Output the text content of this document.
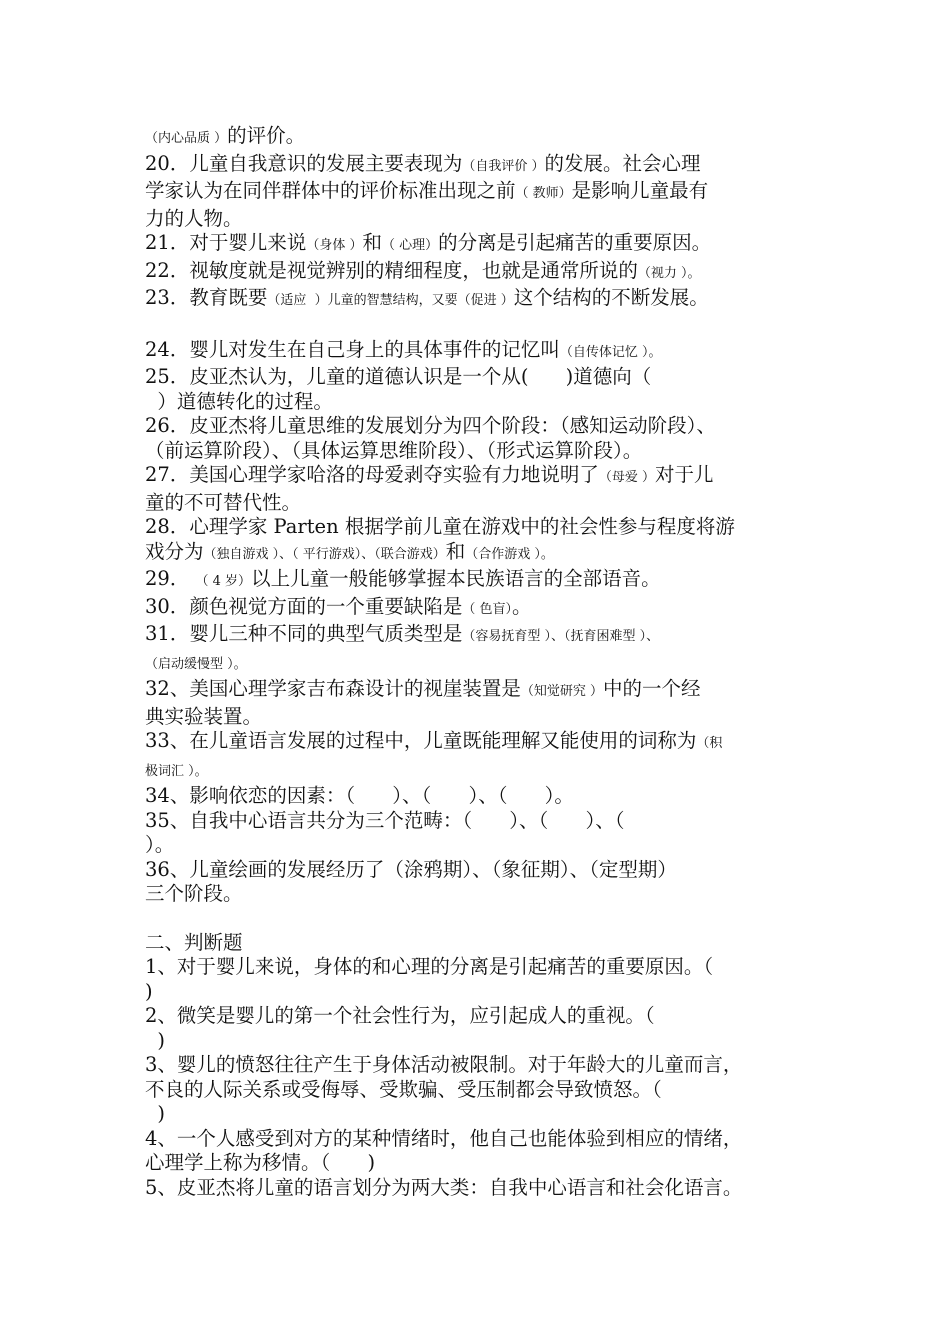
（内心品质 ）的评价。
20．儿童自我意识的发展主要表现为（自我评价 ）的发展。社会心理
学家认为在同伴群体中的评价标准出现之前（ 教师）是影响儿童最有
力的人物。
21．对于婴儿来说（身体 ）和（ 心理）的分离是引起痛苦的重要原因。
22．视敏度就是视觉辨别的精细程度，也就是通常所说的（视力 ）。
23．教育既要（适应  ）儿童的智慧结构，又要（促进 ）这个结构的不断发展。
24．婴儿对发生在自己身上的具体事件的记忆叫（自传体记忆 ）。
25．皮亚杰认为，儿童的道德认识是一个从(      )道德向（
）道德转化的过程。
26．皮亚杰将儿童思维的发展划分为四个阶段：（感知运动阶段）、
（前运算阶段）、（具体运算思维阶段）、（形式运算阶段）。
27．美国心理学家哈洛的母爱剥夺实验有力地说明了（母爱 ）对于儿
童的不可替代性。
28．心理学家 Parten 根据学前儿童在游戏中的社会性参与程度将游
戏分为（独自游戏 ）、（ 平行游戏）、（联合游戏）和（合作游戏 ）。
29． （ 4 岁）以上儿童一般能够掌握本民族语言的全部语音。
30．颜色视觉方面的一个重要缺陷是（ 色盲）。
31．婴儿三种不同的典型气质类型是（容易抚育型 ）、（抚育困难型 ）、
（启动缓慢型 ）。
32、美国心理学家吉布森设计的视崖装置是（知觉研究 ）中的一个经
典实验装置。
33、在儿童语言发展的过程中，儿童既能理解又能使用的词称为（积
极词汇 ）。
34、影响依恋的因素：（      ）、（      ）、（      ）。
35、自我中心语言共分为三个范畴：（      ）、（      ）、（
）。
36、儿童绘画的发展经历了（涂鸦期）、（象征期）、（定型期）
三个阶段。
二、判断题
1、对于婴儿来说，身体的和心理的分离是引起痛苦的重要原因。（
)
2、微笑是婴儿的第一个社会性行为，应引起成人的重视。（
)
3、婴儿的愤怒往往产生于身体活动被限制。对于年龄大的儿童而言，
不良的人际关系或受侮辱、受欺骗、受压制都会导致愤怒。（
)
4、一个人感受到对方的某种情绪时，他自己也能体验到相应的情绪，
心理学上称为移情。（      )
5、皮亚杰将儿童的语言划分为两大类：自我中心语言和社会化语言。
